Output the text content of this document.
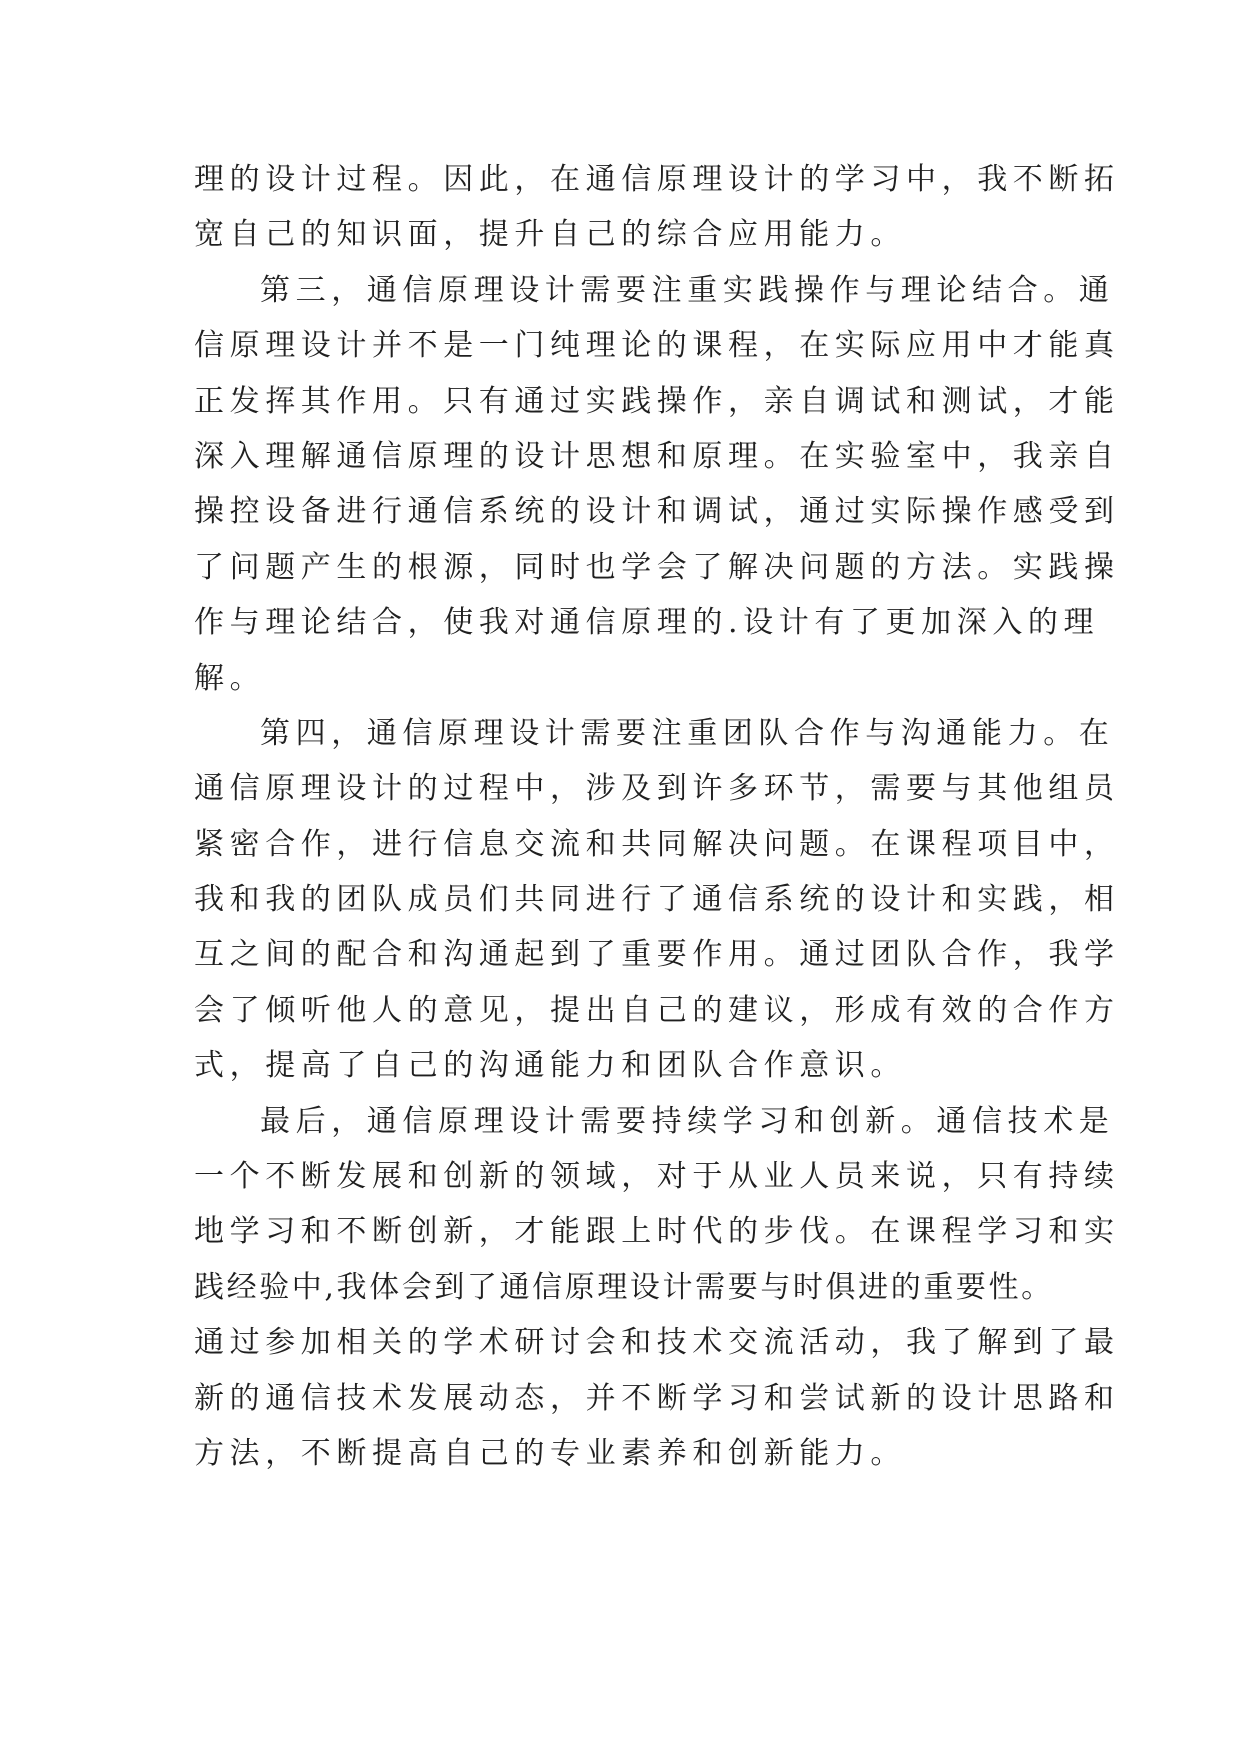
理的设计过程。因此，在通信原理设计的学习中，我不断拓
宽自己的知识面，提升自己的综合应用能力。
第三，通信原理设计需要注重实践操作与理论结合。通
信原理设计并不是一门纯理论的课程，在实际应用中才能真
正发挥其作用。只有通过实践操作，亲自调试和测试，才能
深入理解通信原理的设计思想和原理。在实验室中，我亲自
操控设备进行通信系统的设计和调试，通过实际操作感受到
了问题产生的根源，同时也学会了解决问题的方法。实践操
作与理论结合，使我对通信原理的.设计有了更加深入的理
解。
第四，通信原理设计需要注重团队合作与沟通能力。在
通信原理设计的过程中，涉及到许多环节，需要与其他组员
紧密合作，进行信息交流和共同解决问题。在课程项目中，
我和我的团队成员们共同进行了通信系统的设计和实践，相
互之间的配合和沟通起到了重要作用。通过团队合作，我学
会了倾听他人的意见，提出自己的建议，形成有效的合作方
式，提高了自己的沟通能力和团队合作意识。
最后，通信原理设计需要持续学习和创新。通信技术是
一个不断发展和创新的领域，对于从业人员来说，只有持续
地学习和不断创新，才能跟上时代的步伐。在课程学习和实
践经验中,我体会到了通信原理设计需要与时俱进的重要性。
通过参加相关的学术研讨会和技术交流活动，我了解到了最
新的通信技术发展动态，并不断学习和尝试新的设计思路和
方法，不断提高自己的专业素养和创新能力。
